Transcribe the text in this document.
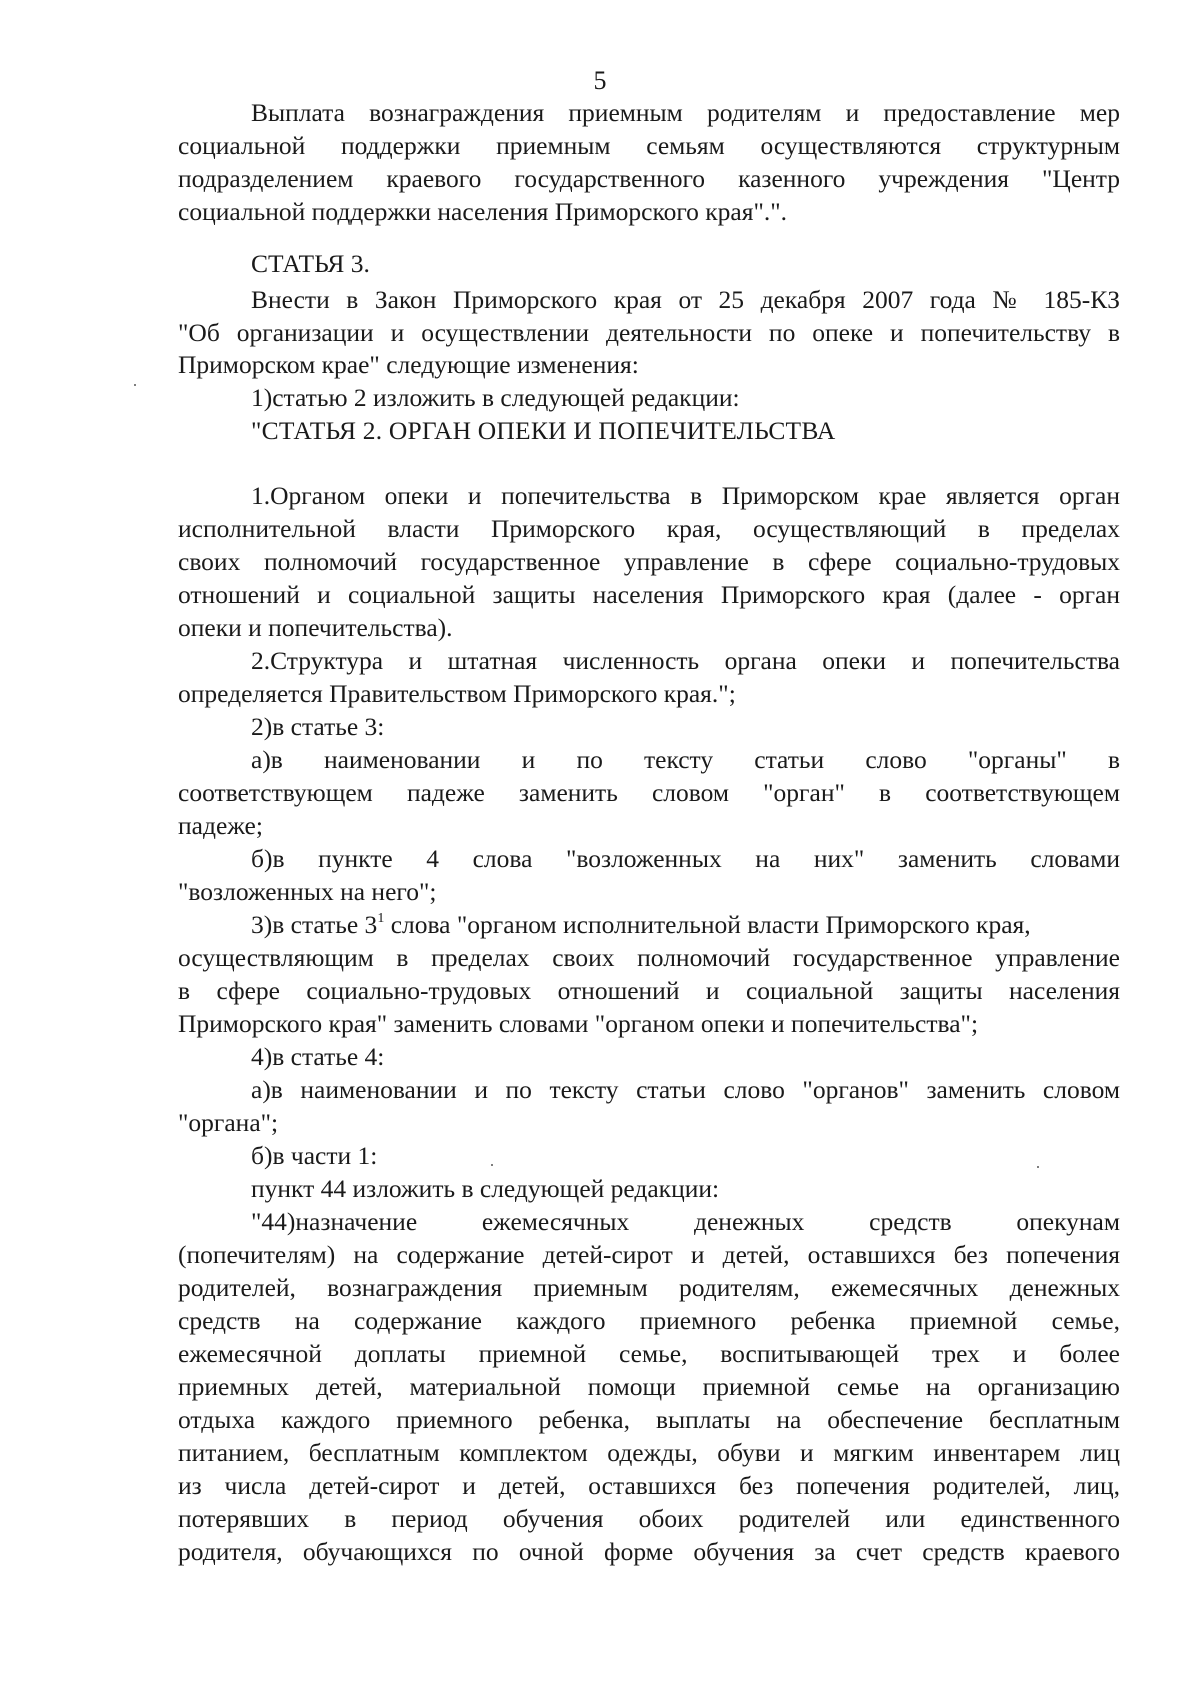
5
Выплата вознаграждения приемным родителям и предоставление мер
социальной поддержки приемным семьям осуществляются структурным
подразделением краевого государственного казенного учреждения "Центр
социальной поддержки населения Приморского края".".
СТАТЬЯ 3.
Внести в Закон Приморского края от 25 декабря 2007 года № 185-КЗ
"Об организации и осуществлении деятельности по опеке и попечительству в
Приморском крае" следующие изменения:
1)статью 2 изложить в следующей редакции:
"СТАТЬЯ 2. ОРГАН ОПЕКИ И ПОПЕЧИТЕЛЬСТВА
1.Органом опеки и попечительства в Приморском крае является орган
исполнительной власти Приморского края, осуществляющий в пределах
своих полномочий государственное управление в сфере социально-трудовых
отношений и социальной защиты населения Приморского края (далее - орган
опеки и попечительства).
2.Структура и штатная численность органа опеки и попечительства
определяется Правительством Приморского края.";
2)в статье 3:
а)в наименовании и по тексту статьи слово "органы" в
соответствующем падеже заменить словом "орган" в соответствующем
падеже;
б)в пункте 4 слова "возложенных на них" заменить словами
"возложенных на него";
3)в статье $3^1$ слова "органом исполнительной власти Приморского края,
осуществляющим в пределах своих полномочий государственное управление
в сфере социально-трудовых отношений и социальной защиты населения
Приморского края" заменить словами "органом опеки и попечительства";
4)в статье 4:
а)в наименовании и по тексту статьи слово "органов" заменить словом
"органа";
б)в части 1:
пункт 44 изложить в следующей редакции:
"44)назначение ежемесячных денежных средств опекунам
(попечителям) на содержание детей-сирот и детей, оставшихся без попечения
родителей, вознаграждения приемным родителям, ежемесячных денежных
средств на содержание каждого приемного ребенка приемной семье,
ежемесячной доплаты приемной семье, воспитывающей трех и более
приемных детей, материальной помощи приемной семье на организацию
отдыха каждого приемного ребенка, выплаты на обеспечение бесплатным
питанием, бесплатным комплектом одежды, обуви и мягким инвентарем лиц
из числа детей-сирот и детей, оставшихся без попечения родителей, лиц,
потерявших в период обучения обоих родителей или единственного
родителя, обучающихся по очной форме обучения за счет средств краевого
